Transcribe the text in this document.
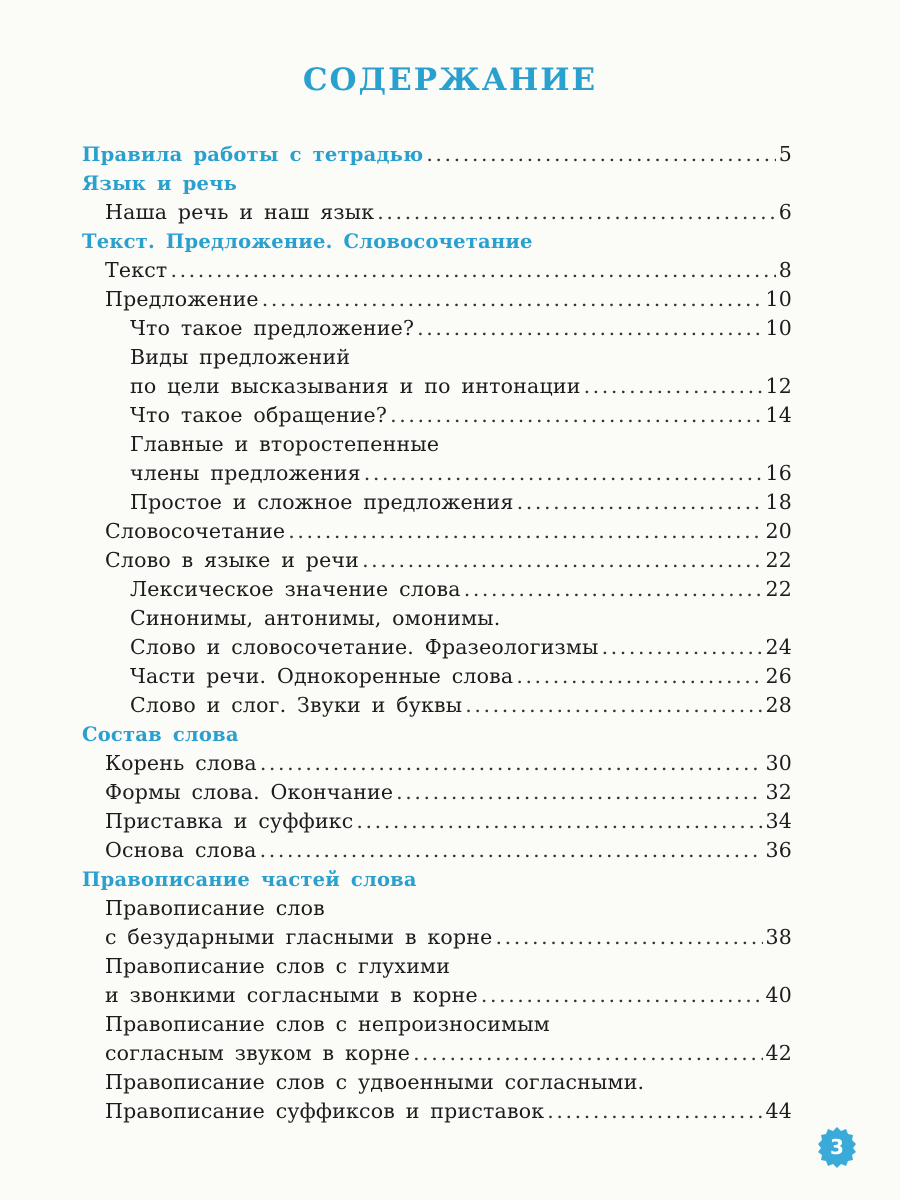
СОДЕРЖАНИЕ
Правила работы с тетрадью .....	5
Язык и речь
Наша речь и наш язык .....	6
Текст. Предложение. Словосочетание
Текст .....	8
Предложение .....	10
Что такое предложение? .....	10
Виды предложений
по цели высказывания и по интонации .....	12
Что такое обращение? .....	14
Главные и второстепенные
члены предложения .....	16
Простое и сложное предложения .....	18
Словосочетание .....	20
Слово в языке и речи .....	22
Лексическое значение слова .....	22
Синонимы, антонимы, омонимы.
Слово и словосочетание. Фразеологизмы .....	24
Части речи. Однокоренные слова .....	26
Слово и слог. Звуки и буквы .....	28
Состав слова
Корень слова .....	30
Формы слова. Окончание .....	32
Приставка и суффикс .....	34
Основа слова .....	36
Правописание частей слова
Правописание слов
с безударными гласными в корне .....	38
Правописание слов с глухими
и звонкими согласными в корне .....	40
Правописание слов с непроизносимым
согласным звуком в корне .....	42
Правописание слов с удвоенными согласными.
Правописание суффиксов и приставок .....	44
3
